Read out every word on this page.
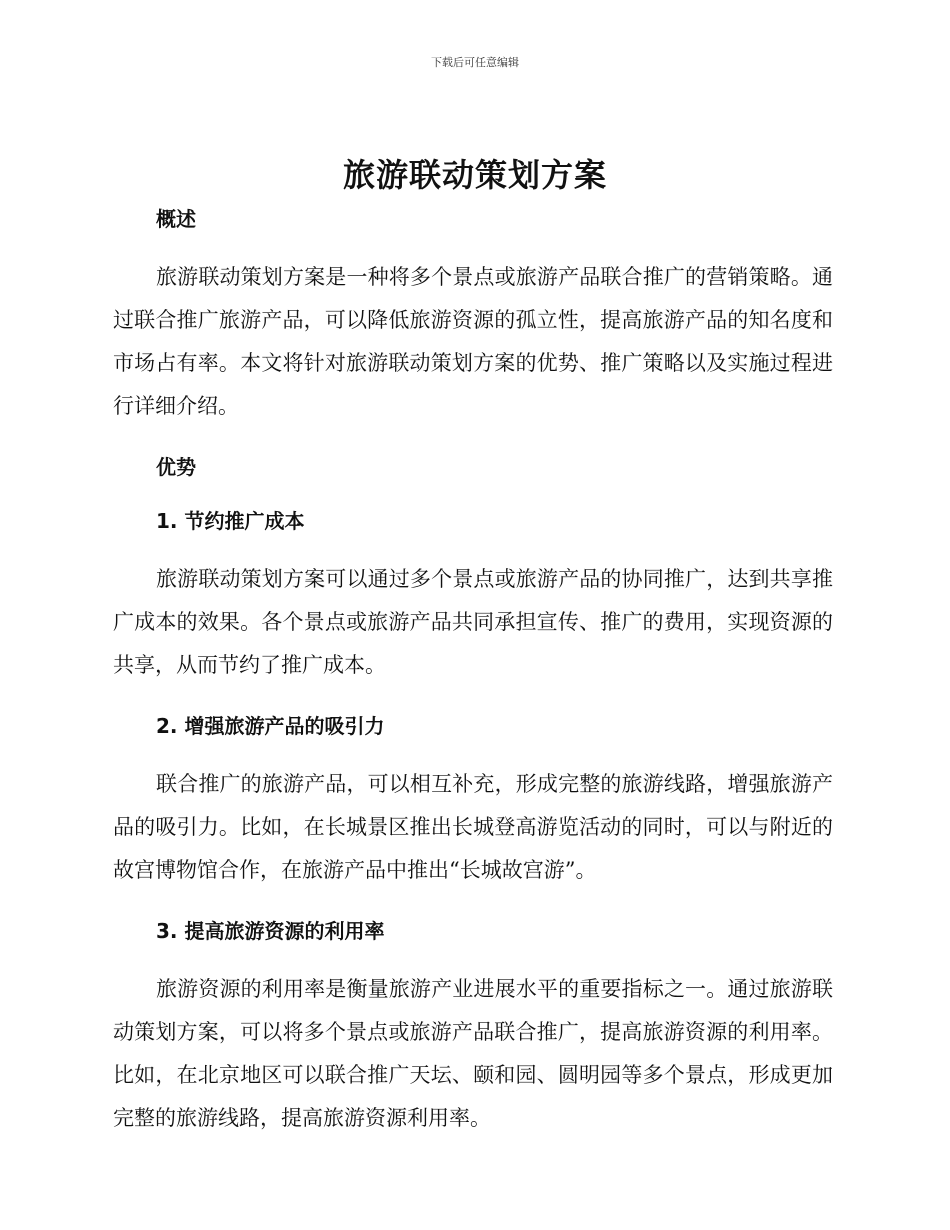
下载后可任意编辑
旅游联动策划方案

概述

旅游联动策划方案是一种将多个景点或旅游产品联合推广的营销策略。通过联合推广旅游产品，可以降低旅游资源的孤立性，提高旅游产品的知名度和市场占有率。本文将针对旅游联动策划方案的优势、推广策略以及实施过程进行详细介绍。

优势

1. 节约推广成本

旅游联动策划方案可以通过多个景点或旅游产品的协同推广，达到共享推广成本的效果。各个景点或旅游产品共同承担宣传、推广的费用，实现资源的共享，从而节约了推广成本。

2. 增强旅游产品的吸引力

联合推广的旅游产品，可以相互补充，形成完整的旅游线路，增强旅游产品的吸引力。比如，在长城景区推出长城登高游览活动的同时，可以与附近的故宫博物馆合作，在旅游产品中推出“长城故宫游”。

3. 提高旅游资源的利用率

旅游资源的利用率是衡量旅游产业进展水平的重要指标之一。通过旅游联动策划方案，可以将多个景点或旅游产品联合推广，提高旅游资源的利用率。比如，在北京地区可以联合推广天坛、颐和园、圆明园等多个景点，形成更加完整的旅游线路，提高旅游资源利用率。
